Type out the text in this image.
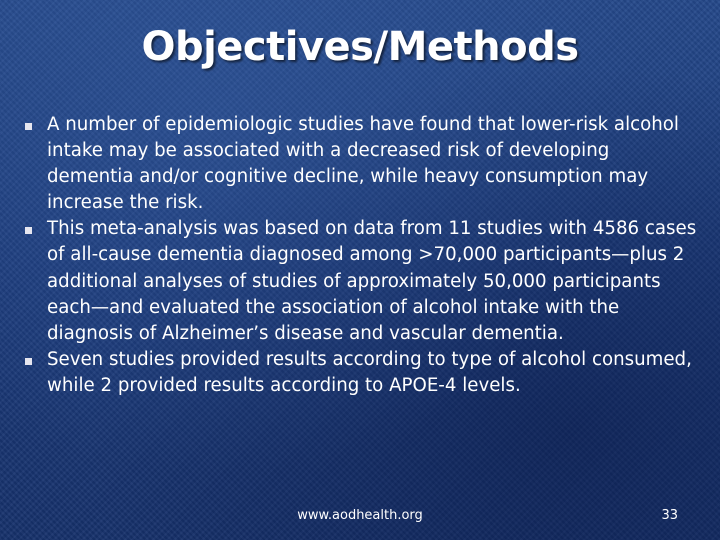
Objectives/Methods
A number of epidemiologic studies have found that lower-risk alcohol intake may be associated with a decreased risk of developing dementia and/or cognitive decline, while heavy consumption may increase the risk.
This meta-analysis was based on data from 11 studies with 4586 cases of all-cause dementia diagnosed among >70,000 participants—plus 2 additional analyses of studies of approximately 50,000 participants each—and evaluated the association of alcohol intake with the diagnosis of Alzheimer’s disease and vascular dementia.
Seven studies provided results according to type of alcohol consumed, while 2 provided results according to APOE-4 levels.
www.aodhealth.org	33
